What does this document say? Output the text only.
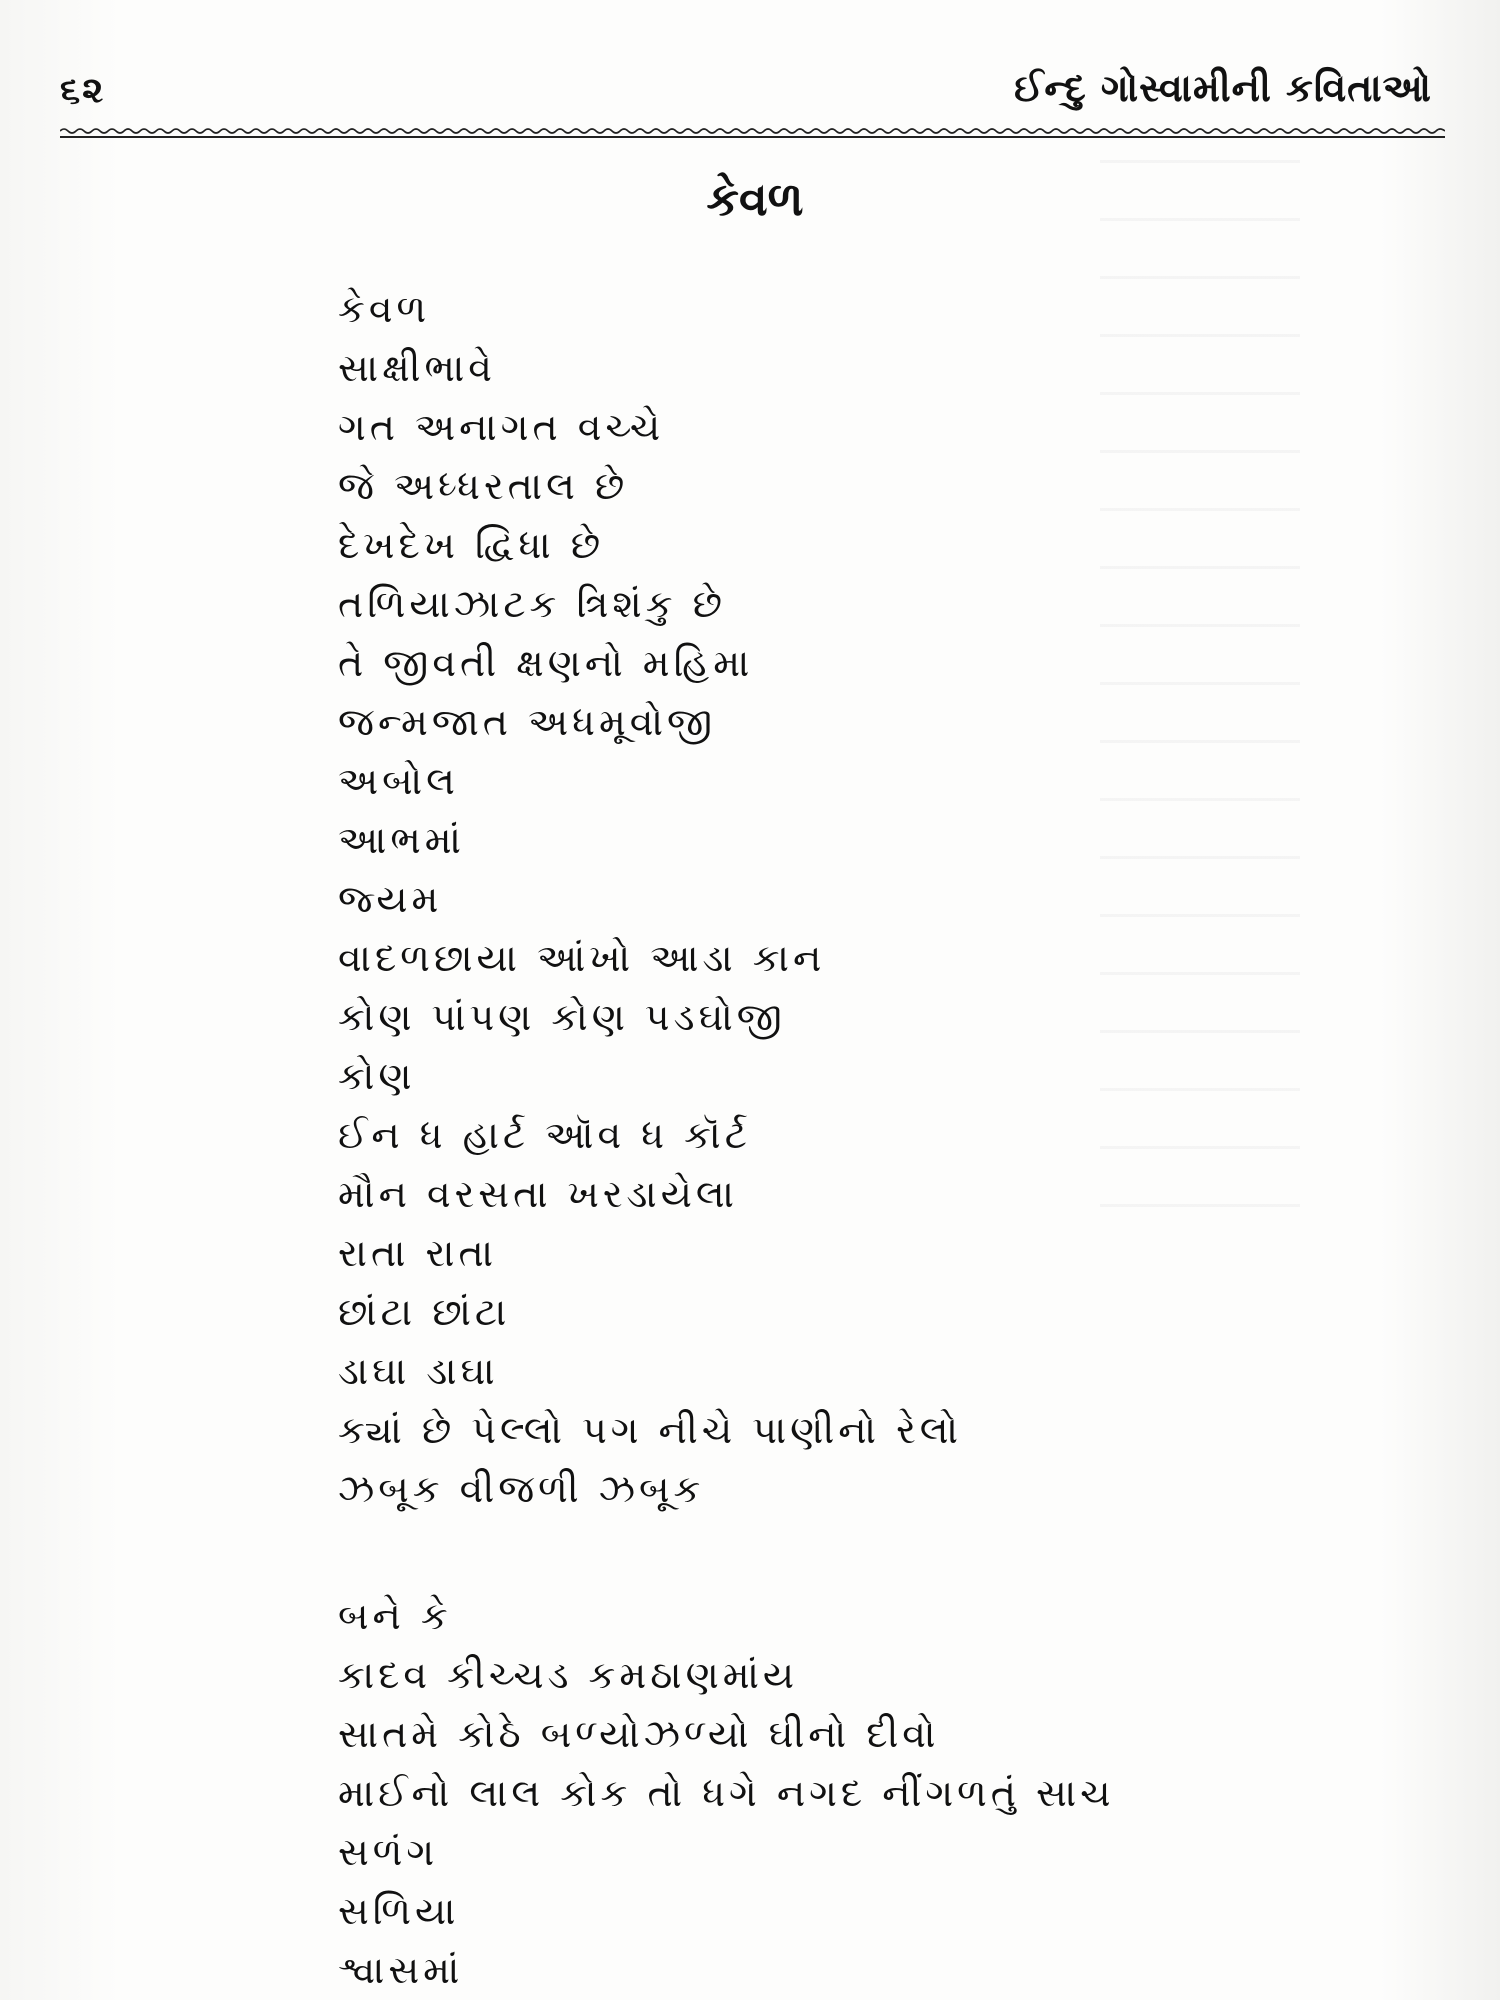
૬૨	ઈન્દુ ગોસ્વામીની કવિતાઓ
કેવળ
કેવળ
સાક્ષીભાવે
ગત અનાગત વચ્ચે
જે અધ્ધરતાલ છે
દેખદેખ દ્વિધા છે
તળિયાઝાટક ત્રિશંકુ છે
તે જીવતી ક્ષણનો મહિમા
જન્મજાત અધમૂવોજી
અબોલ
આભમાં
જ્યમ
વાદળછાયા આંખો આડા કાન
કોણ પાંપણ કોણ પડઘોજી
કોણ
ઈન ધ હાર્ટ ઑવ ધ કૉર્ટ
મૌન વરસતા ખરડાયેલા
રાતા રાતા
છાંટા છાંટા
ડાઘા ડાઘા
ક્યાં છે પેલ્લો પગ નીચે પાણીનો રેલો
ઝબૂક વીજળી ઝબૂક
બને કે
કાદવ કીચ્ચડ કમઠાણમાંય
સાતમે કોઠે બળ્યોઝળ્યો ઘીનો દીવો
માઈનો લાલ કોક તો ધગે નગદ નીંગળતું સાચ
સળંગ
સળિયા
શ્વાસમાં
